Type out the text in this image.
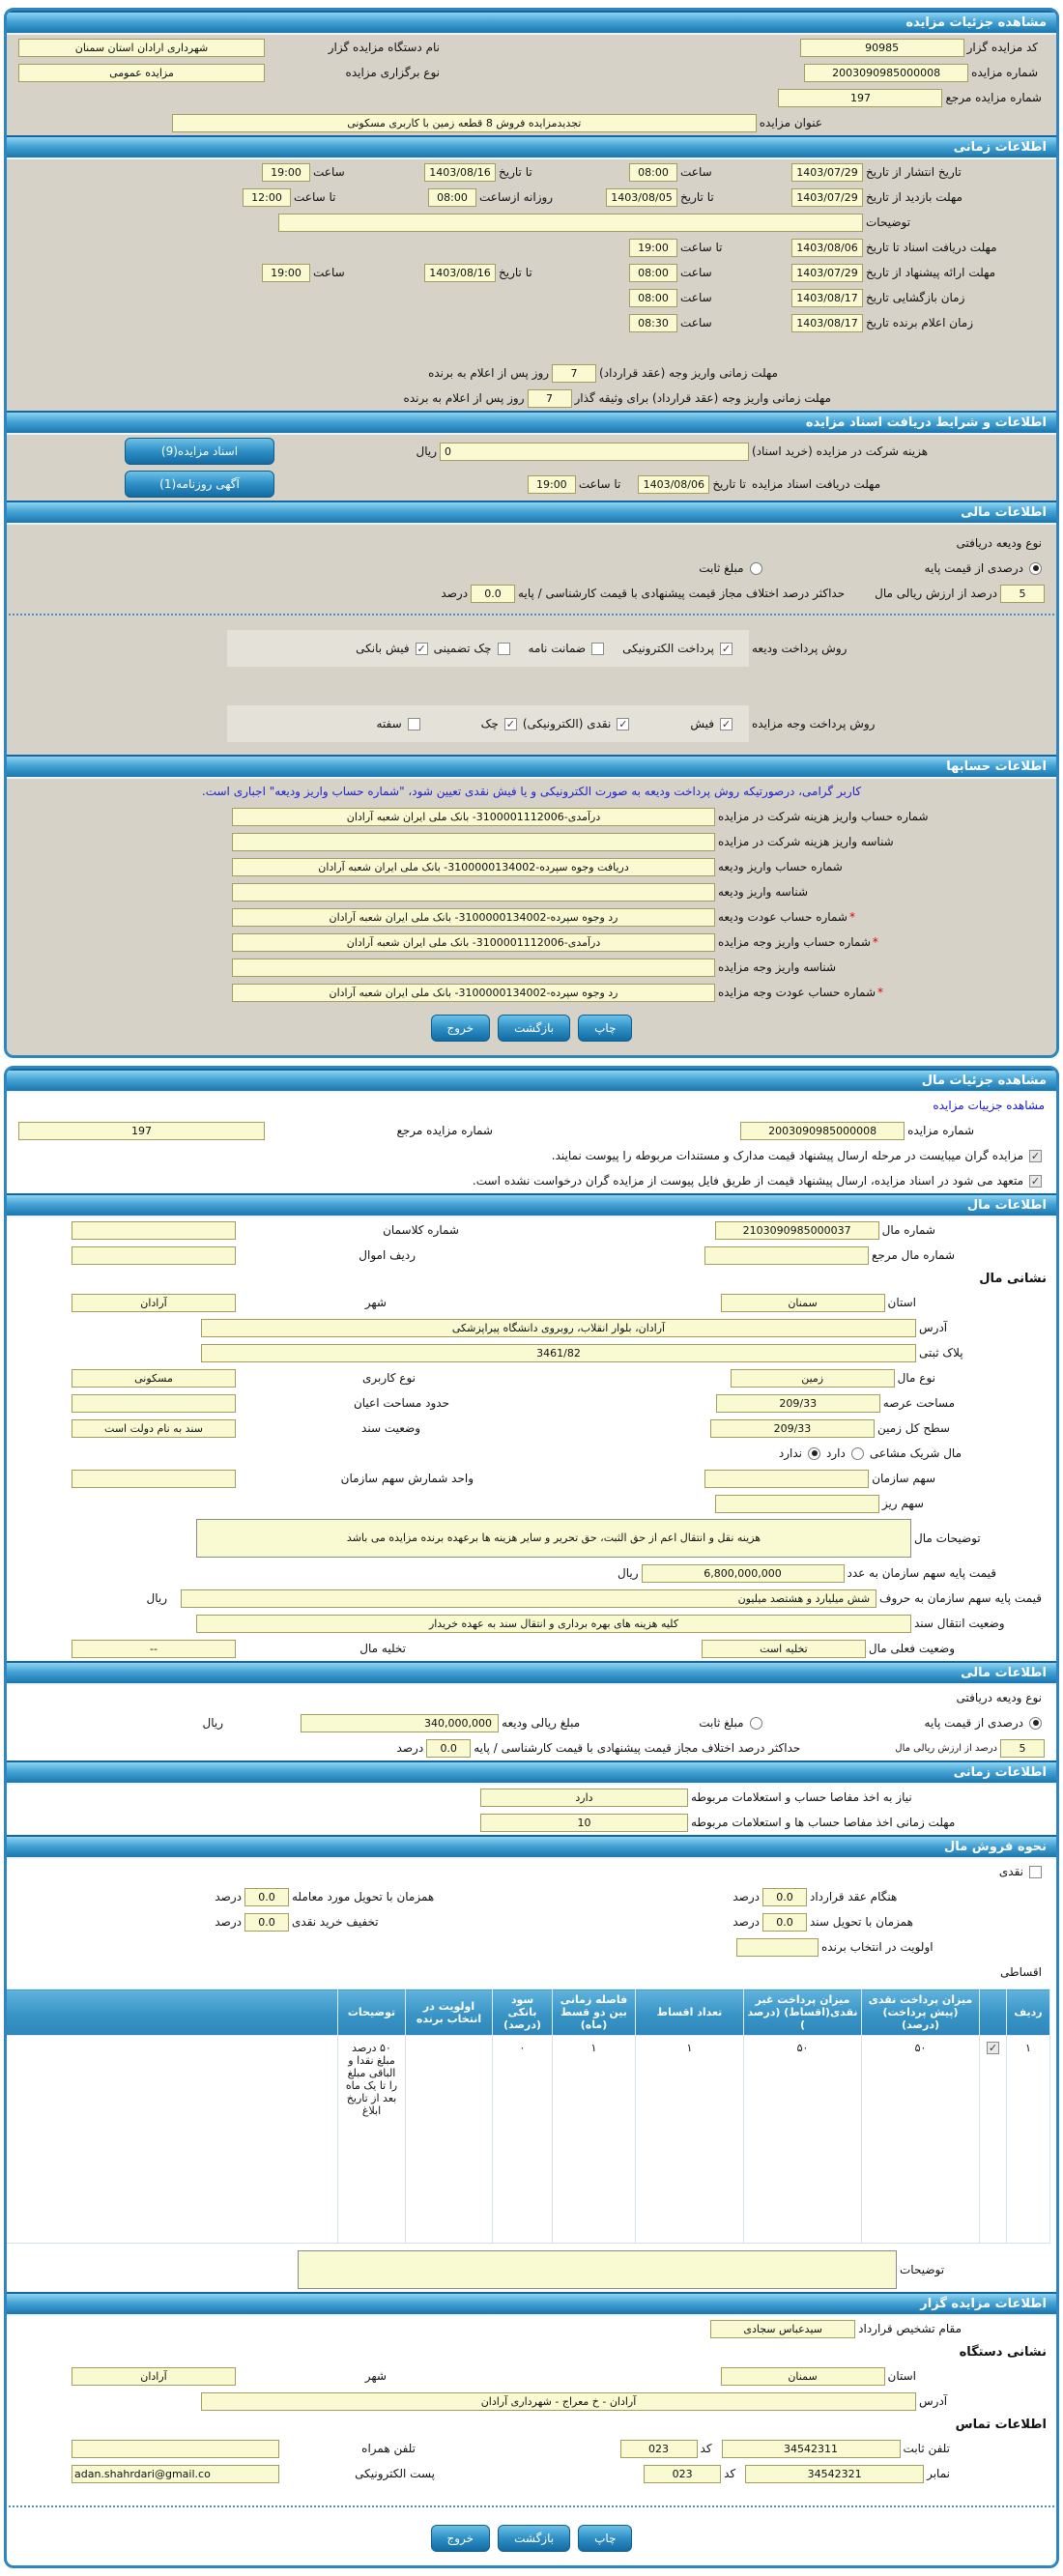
مشاهده جزئیات مزایده
کد مزایده گزار
90985
نام دستگاه مزایده گزار
شهرداری ارادان استان سمنان
شماره مزایده
2003090985000008
نوع برگزاری مزایده
مزایده عمومی
شماره مزایده مرجع
197
عنوان مزایده
تجدیدمزایده فروش 8 قطعه زمین با کاربری مسکونی
اطلاعات زمانی
تاریخ انتشار از تاریخ
1403/07/29
ساعت
08:00
تا تاریخ
1403/08/16
ساعت
19:00
مهلت بازدید از تاریخ
1403/07/29
تا تاریخ
1403/08/05
روزانه ازساعت
08:00
تا ساعت
12:00
توضیحات
مهلت دریافت اسناد تا تاریخ
1403/08/06
تا ساعت
19:00
مهلت ارائه پیشنهاد از تاریخ
1403/07/29
ساعت
08:00
تا تاریخ
1403/08/16
ساعت
19:00
زمان بازگشایی تاریخ
1403/08/17
ساعت
08:00
زمان اعلام برنده تاریخ
1403/08/17
ساعت
08:30
مهلت زمانی واریز وجه (عقد قرارداد)
7
روز پس از اعلام به برنده
مهلت زمانی واریز وجه (عقد قرارداد) برای وثیقه گذار
7
روز پس از اعلام به برنده
اطلاعات و شرایط دریافت اسناد مزایده
هزینه شرکت در مزایده (خرید اسناد)
0
ریال
اسناد مزایده(9)
مهلت دریافت اسناد مزایده
تا تاریخ
1403/08/06
تا ساعت
19:00
آگهی روزنامه(1)
اطلاعات مالی
نوع ودیعه دریافتی
درصدی از قیمت پایه
مبلغ ثابت
5
درصد از ارزش ریالی مال
حداکثر درصد اختلاف مجاز قیمت پیشنهادی با قیمت کارشناسی / پایه
0.0
درصد
روش پرداخت ودیعه
✓
پرداخت الکترونیکی
ضمانت نامه
چک تضمینی
✓
فیش بانکی
روش پرداخت وجه مزایده
✓
فیش
✓
نقدی (الکترونیکی)
✓
چک
سفته
اطلاعات حسابها
کاربر گرامی، درصورتیکه روش پرداخت ودیعه به صورت الکترونیکی و یا فیش نقدی تعیین شود، "شماره حساب واریز ودیعه" اجباری است.
شماره حساب واریز هزینه شرکت در مزایده
درآمدی-3100001112006- بانک ملی ایران شعبه آرادان
شناسه واریز هزینه شرکت در مزایده
شماره حساب واریز ودیعه
دریافت وجوه سپرده-3100000134002- بانک ملی ایران شعبه آرادان
شناسه واریز ودیعه
* شماره حساب عودت ودیعه
رد وجوه سپرده-3100000134002- بانک ملی ایران شعبه آرادان
* شماره حساب واریز وجه مزایده
درآمدی-3100001112006- بانک ملی ایران شعبه آرادان
شناسه واریز وجه مزایده
* شماره حساب عودت وجه مزایده
رد وجوه سپرده-3100000134002- بانک ملی ایران شعبه آرادان
چاپ
بازگشت
خروج
مشاهده جزئیات مال
مشاهده جزییات مزایده
شماره مزایده
2003090985000008
شماره مزایده مرجع
197
✓
مزایده گران میبایست در مرحله ارسال پیشنهاد قیمت مدارک و مستندات مربوطه را پیوست نمایند.
✓
متعهد می شود در اسناد مزایده، ارسال پیشنهاد قیمت از طریق فایل پیوست از مزایده گران درخواست نشده است.
اطلاعات مال
شماره مال
2103090985000037
شماره کلاسمان
شماره مال مرجع
ردیف اموال
نشانی مال
استان
سمنان
شهر
آرادان
آدرس
آرادان، بلوار انقلاب، روبروی دانشگاه پیراپزشکی
پلاک ثبتی
3461/82
نوع مال
زمین
نوع کاربری
مسکونی
مساحت عرصه
209/33
حدود مساحت اعیان
سطح کل زمین
209/33
وضعیت سند
سند به نام دولت است
مال شریک مشاعی
دارد
ندارد
سهم سازمان
واحد شمارش سهم سازمان
سهم ریز
توضیحات مال
هزینه نقل و انتقال اعم از حق الثبت، حق تحریر و سایر هزینه ها برعهده برنده مزایده می باشد
قیمت پایه سهم سازمان به عدد
6,800,000,000
ریال
قیمت پایه سهم سازمان به حروف
شش میلیارد و هشتصد میلیون
ریال
وضعیت انتقال سند
کلیه هزینه های بهره برداری و انتقال سند به عهده خریدار
وضعیت فعلی مال
تخلیه است
تخلیه مال
--
اطلاعات مالی
نوع ودیعه دریافتی
درصدی از قیمت پایه
مبلغ ثابت
مبلغ ریالی ودیعه
340,000,000
ریال
5
درصد از ارزش ریالی مال
حداکثر درصد اختلاف مجاز قیمت پیشنهادی با قیمت کارشناسی / پایه
0.0
درصد
اطلاعات زمانی
نیاز به اخذ مفاصا حساب و استعلامات مربوطه
دارد
مهلت زمانی اخذ مفاصا حساب ها و استعلامات مربوطه
10
نحوه فروش مال
نقدی
هنگام عقد قرارداد
0.0
درصد
همزمان با تحویل مورد معامله
0.0
درصد
همزمان با تحویل سند
0.0
درصد
تخفیف خرید نقدی
0.0
درصد
اولویت در انتخاب برنده
اقساطی
ردیف		میزان پرداخت نقدی (پیش پرداخت) (درصد)	میزان پرداخت غیر نقدی(اقساط) (درصد )	تعداد اقساط	فاصله زمانی بین دو قسط (ماه)	سود بانکی (درصد)	اولویت در انتخاب برنده	توضیحات	
۱	✓	۵۰	۵۰	۱	۱	۰		۵۰ درصد مبلغ نقدا و الباقی مبلغ را تا یک ماه بعد از تاریخ ابلاغ	
توضیحات
اطلاعات مزایده گزار
مقام تشخیص قرارداد
سیدعباس سجادی
نشانی دستگاه
استان
سمنان
شهر
آرادان
آدرس
آرادان - خ معراج - شهرداری آرادان
اطلاعات تماس
تلفن ثابت
34542311
کد
023
تلفن همراه
نمابر
34542321
کد
023
پست الکترونیکی
adan.shahrdari@gmail.co
چاپ
بازگشت
خروج
